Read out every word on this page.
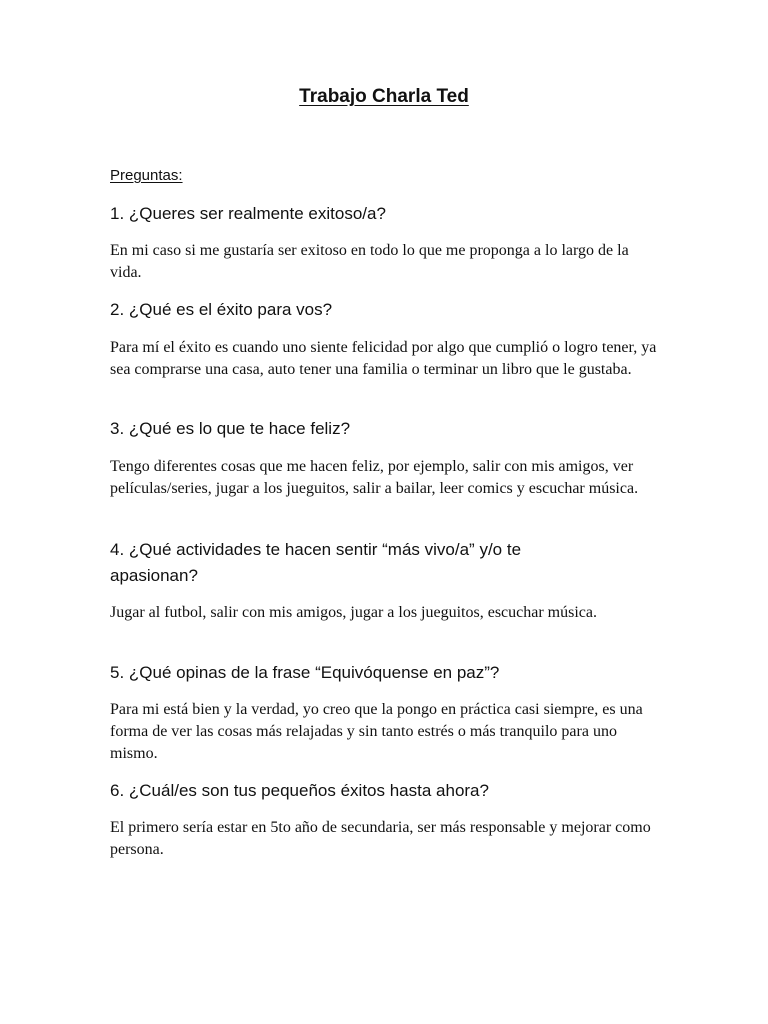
Trabajo Charla Ted
Preguntas:
1. ¿Queres ser realmente exitoso/a?
En mi caso si me gustaría ser exitoso en todo lo que me proponga a lo largo de la vida.
2. ¿Qué es el éxito para vos?
Para mí el éxito es cuando uno siente felicidad por algo que cumplió o logro tener, ya sea comprarse una casa, auto tener una familia o terminar un libro que le gustaba.
3. ¿Qué es lo que te hace feliz?
Tengo diferentes cosas que me hacen feliz, por ejemplo, salir con mis amigos, ver películas/series, jugar a los jueguitos, salir a bailar, leer comics y escuchar música.
4. ¿Qué actividades te hacen sentir “más vivo/a” y/o te apasionan?
Jugar al futbol, salir con mis amigos, jugar a los jueguitos, escuchar música.
5. ¿Qué opinas de la frase “Equivóquense en paz”?
Para mi está bien y la verdad, yo creo que la pongo en práctica casi siempre, es una forma de ver las cosas más relajadas y sin tanto estrés o más tranquilo para uno mismo.
6. ¿Cuál/es son tus pequeños éxitos hasta ahora?
El primero sería estar en 5to año de secundaria, ser más responsable y mejorar como persona.
